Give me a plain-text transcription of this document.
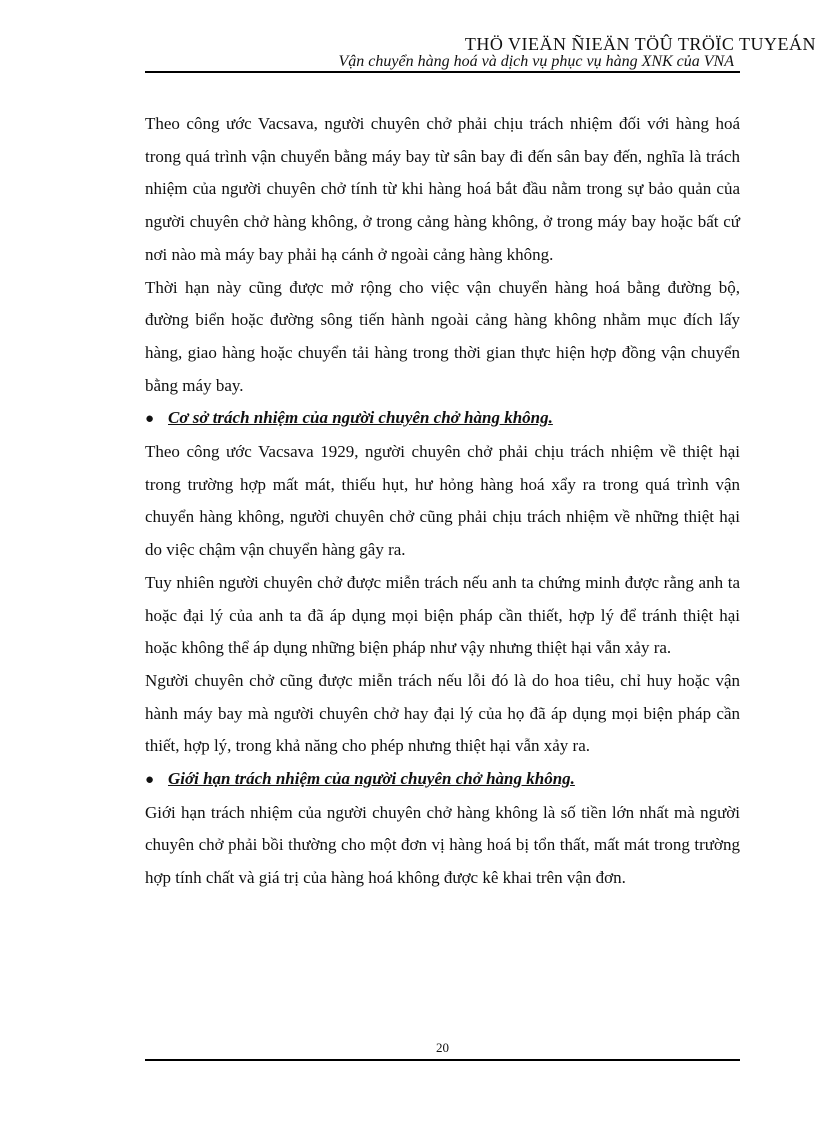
THÖ VIEÄN ÑIEÄN TÖÛ TRÖÏC TUYEÁN
Vận chuyển hàng hoá và dịch vụ phục vụ hàng XNK của VNA

Theo công ước Vacsava, người chuyên chở phải chịu trách nhiệm đối với hàng hoá trong quá trình vận chuyển bằng máy bay từ sân bay đi đến sân bay đến, nghĩa là trách nhiệm của người chuyên chở tính từ khi hàng hoá bắt đầu nằm trong sự bảo quản của người chuyên chở hàng không, ở trong cảng hàng không, ở trong máy bay hoặc bất cứ nơi nào mà máy bay phải hạ cánh ở ngoài cảng hàng không.

Thời hạn này cũng được mở rộng cho việc vận chuyển hàng hoá bằng đường bộ, đường biển hoặc đường sông tiến hành ngoài cảng hàng không nhằm mục đích lấy hàng, giao hàng hoặc chuyển tải hàng trong thời gian thực hiện hợp đồng vận chuyển bằng máy bay.

● Cơ sở trách nhiệm của người chuyên chở hàng không.

Theo công ước Vacsava 1929, người chuyên chở phải chịu trách nhiệm về thiệt hại trong trường hợp mất mát, thiếu hụt, hư hỏng hàng hoá xẩy ra trong quá trình vận chuyển hàng không, người chuyên chở cũng phải chịu trách nhiệm về những thiệt hại do việc chậm vận chuyển hàng gây ra.

Tuy nhiên người chuyên chở được miễn trách nếu anh ta chứng minh được rằng anh ta hoặc đại lý của anh ta đã áp dụng mọi biện pháp cần thiết, hợp lý để tránh thiệt hại hoặc không thể áp dụng những biện pháp như vậy nhưng thiệt hại vẫn xảy ra.

Người chuyên chở cũng được miễn trách nếu lỗi đó là do hoa tiêu, chỉ huy hoặc vận hành máy bay mà người chuyên chở hay đại lý của họ đã áp dụng mọi biện pháp cần thiết, hợp lý, trong khả năng cho phép nhưng thiệt hại vẫn xảy ra.

● Giới hạn trách nhiệm của người chuyên chở hàng không.

Giới hạn trách nhiệm của người chuyên chở hàng không là số tiền lớn nhất mà người chuyên chở phải bồi thường cho một đơn vị hàng hoá bị tổn thất, mất mát trong trường hợp tính chất và giá trị của hàng hoá không được kê khai trên vận đơn.

20
